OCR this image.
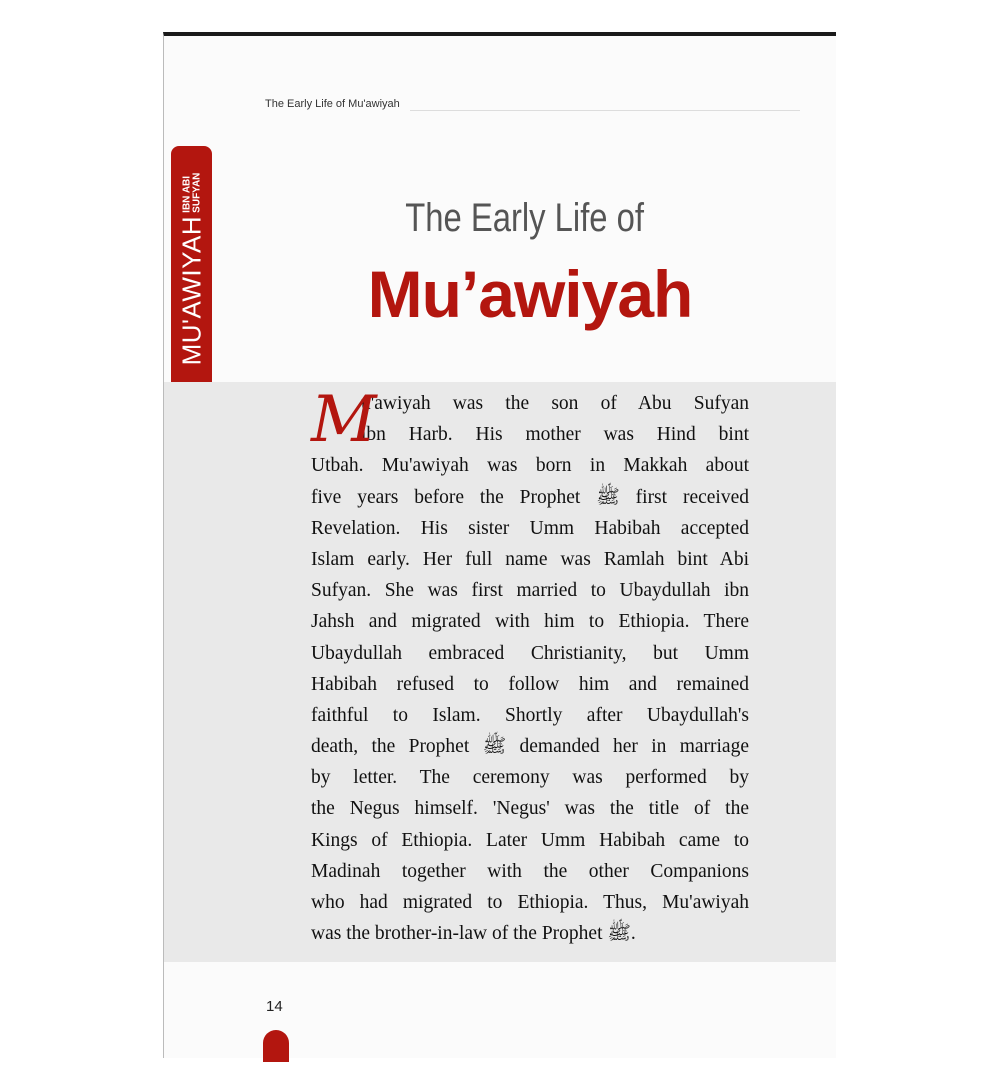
MU'AWIYAH
IBN ABI SUFYAN
The Early Life of Mu'awiyah
The Early Life of
Mu’awiyah
M
u'awiyah was the son of Abu Sufyan
ibn Harb. His mother was Hind bint
Utbah. Mu'awiyah was born in Makkah about
five years before the Prophet ﷺ first received
Revelation. His sister Umm Habibah accepted
Islam early. Her full name was Ramlah bint Abi
Sufyan. She was first married to Ubaydullah ibn
Jahsh and migrated with him to Ethiopia. There
Ubaydullah embraced Christianity, but Umm
Habibah refused to follow him and remained
faithful to Islam. Shortly after Ubaydullah's
death, the Prophet ﷺ demanded her in marriage
by letter. The ceremony was performed by
the Negus himself. 'Negus' was the title of the
Kings of Ethiopia. Later Umm Habibah came to
Madinah together with the other Companions
who had migrated to Ethiopia. Thus, Mu'awiyah
was the brother-in-law of the Prophet ﷺ.
14
